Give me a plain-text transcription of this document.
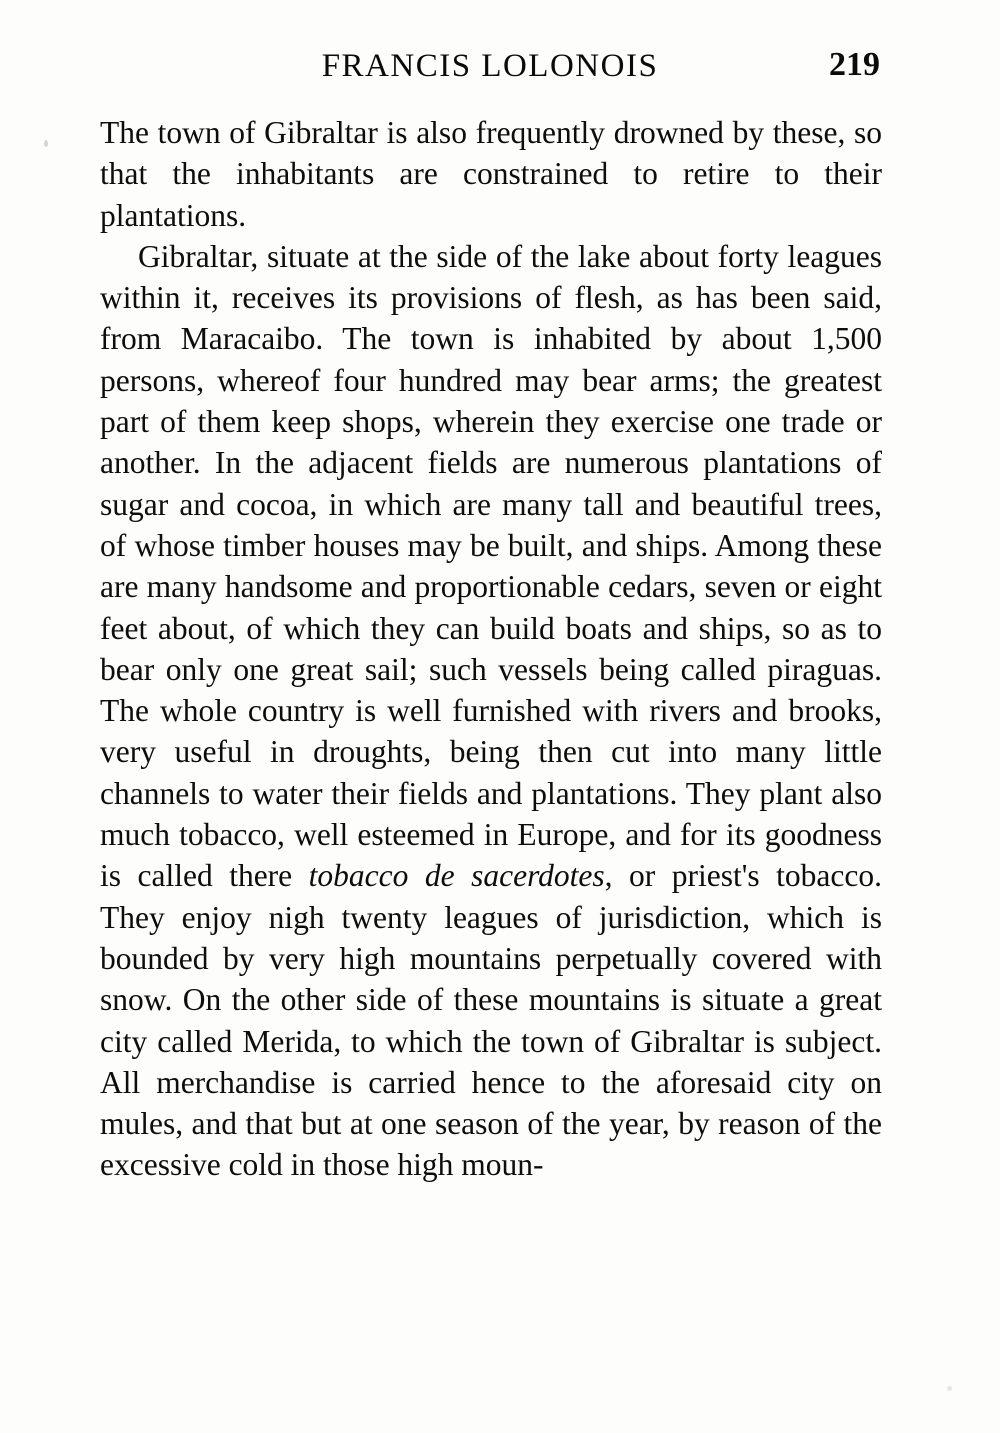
FRANCIS LOLONOIS	219

The town of Gibraltar is also frequently drowned by these, so that the inhabitants are constrained to retire to their plantations.

Gibraltar, situate at the side of the lake about forty leagues within it, receives its provisions of flesh, as has been said, from Maracaibo. The town is inhabited by about 1,500 persons, whereof four hundred may bear arms; the greatest part of them keep shops, wherein they exercise one trade or another. In the adjacent fields are numerous plantations of sugar and cocoa, in which are many tall and beautiful trees, of whose timber houses may be built, and ships. Among these are many handsome and proportionable cedars, seven or eight feet about, of which they can build boats and ships, so as to bear only one great sail; such vessels being called piraguas. The whole country is well furnished with rivers and brooks, very useful in droughts, being then cut into many little channels to water their fields and plantations. They plant also much tobacco, well esteemed in Europe, and for its goodness is called there tobacco de sacerdotes, or priest's tobacco. They enjoy nigh twenty leagues of jurisdiction, which is bounded by very high mountains perpetually covered with snow. On the other side of these mountains is situate a great city called Merida, to which the town of Gibraltar is subject. All merchandise is carried hence to the aforesaid city on mules, and that but at one season of the year, by reason of the excessive cold in those high moun-
